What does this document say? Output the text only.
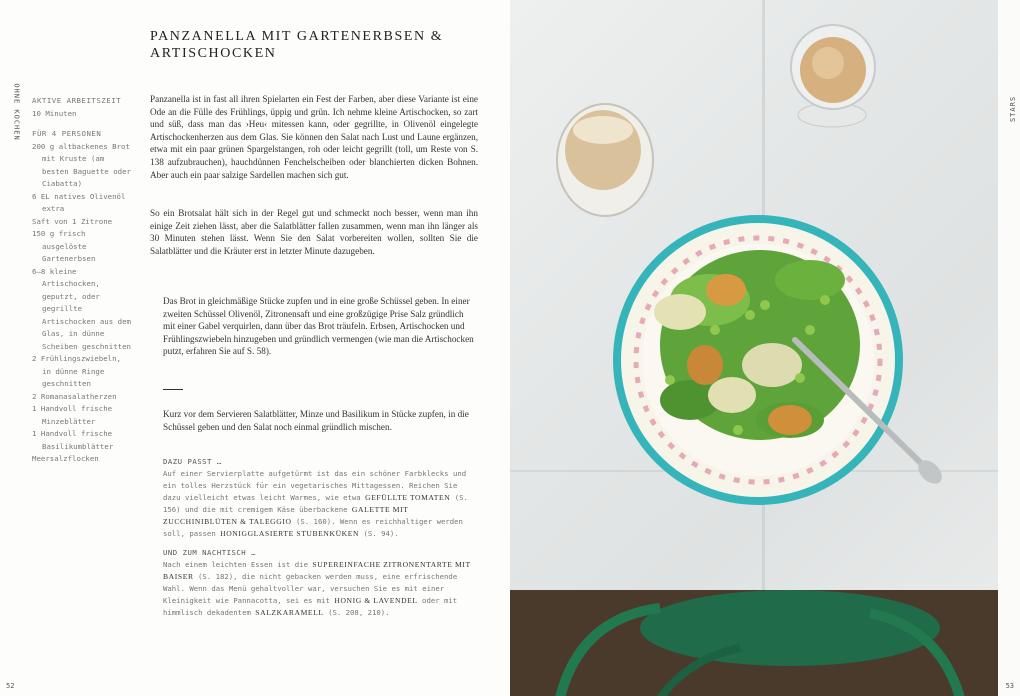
OHNE KOCHEN
52
PANZANELLA MIT GARTENERBSEN & ARTISCHOCKEN
AKTIVE ARBEITSZEIT
10 Minuten
FÜR 4 PERSONEN
200 g altbackenes Brot mit Kruste (am besten Baguette oder Ciabatta)
6 EL natives Olivenöl extra
Saft von 1 Zitrone
150 g frisch ausgelöste Gartenerbsen
6–8 kleine Artischocken, geputzt, oder gegrillte Artischocken aus dem Glas, in dünne Scheiben geschnitten
2 Frühlingszwiebeln, in dünne Ringe geschnitten
2 Romanasalatherzen
1 Handvoll frische Minzeblätter
1 Handvoll frische Basilikumblätter
Meersalzflocken
Panzanella ist in fast all ihren Spielarten ein Fest der Farben, aber diese Variante ist eine Ode an die Fülle des Frühlings, üppig und grün. Ich nehme kleine Artischocken, so zart und süß, dass man das ›Heu‹ mitessen kann, oder gegrillte, in Olivenöl eingelegte Artischockenherzen aus dem Glas. Sie können den Salat nach Lust und Laune ergänzen, etwa mit ein paar grünen Spargelstangen, roh oder leicht gegrillt (toll, um Reste von S. 138 aufzubrauchen), hauchdünnen Fenchelscheiben oder blanchierten dicken Bohnen. Aber auch ein paar salzige Sardellen machen sich gut.
So ein Brotsalat hält sich in der Regel gut und schmeckt noch besser, wenn man ihn einige Zeit ziehen lässt, aber die Salatblätter fallen zusammen, wenn man ihn länger als 30 Minuten stehen lässt. Wenn Sie den Salat vorbereiten wollen, sollten Sie die Salatblätter und die Kräuter erst in letzter Minute dazugeben.
Das Brot in gleichmäßige Stücke zupfen und in eine große Schüssel geben. In einer zweiten Schüssel Olivenöl, Zitronensaft und eine großzügige Prise Salz gründlich mit einer Gabel verquirlen, dann über das Brot träufeln. Erbsen, Artischocken und Frühlingszwiebeln hinzugeben und gründlich vermengen (wie man die Artischocken putzt, erfahren Sie auf S. 58).
Kurz vor dem Servieren Salatblätter, Minze und Basilikum in Stücke zupfen, in die Schüssel geben und den Salat noch einmal gründlich mischen.
DAZU PASST …
Auf einer Servierplatte aufgetürmt ist das ein schöner Farbklecks und ein tolles Herzstück für ein vegetarisches Mittagessen. Reichen Sie dazu vielleicht etwas leicht Warmes, wie etwa GEFÜLLTE TOMATEN (S. 156) und die mit cremigem Käse überbackene GALETTE MIT ZUCCHINIBLÜTEN & TALEGGIO (S. 160). Wenn es reichhaltiger werden soll, passen HONIGGLASIERTE STUBENKÜKEN (S. 94).
UND ZUM NACHTISCH …
Nach einem leichten Essen ist die SUPEREINFACHE ZITRONENTARTE MIT BAISER (S. 182), die nicht gebacken werden muss, eine erfrischende Wahl. Wenn das Menü gehaltvoller war, versuchen Sie es mit einer Kleinigkeit wie Pannacotta, sei es mit HONIG & LAVENDEL oder mit himmlisch dekadentem SALZKARAMELL (S. 208, 210).
STARS
53
